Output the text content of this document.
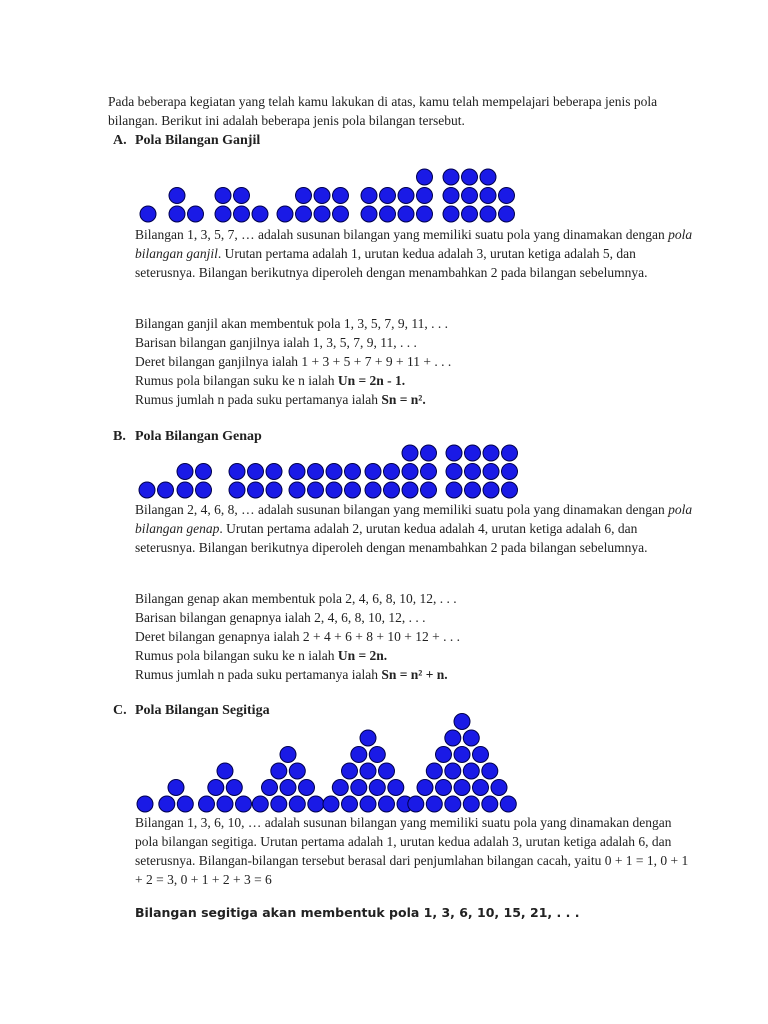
Pada beberapa kegiatan yang telah kamu lakukan di atas, kamu telah mempelajari beberapa jenis pola bilangan. Berikut ini adalah beberapa jenis pola bilangan tersebut.
A. Pola Bilangan Ganjil
Bilangan 1, 3, 5, 7, … adalah susunan bilangan yang memiliki suatu pola yang dinamakan dengan pola bilangan ganjil. Urutan pertama adalah 1, urutan kedua adalah 3, urutan ketiga adalah 5, dan seterusnya. Bilangan berikutnya diperoleh dengan menambahkan 2 pada bilangan sebelumnya.
Bilangan ganjil akan membentuk pola 1, 3, 5, 7, 9, 11, . . .
Barisan bilangan ganjilnya ialah 1, 3, 5, 7, 9, 11, . . .
Deret bilangan ganjilnya ialah 1 + 3 + 5 + 7 + 9 + 11 + . . .
Rumus pola bilangan suku ke n ialah Un = 2n - 1.
Rumus jumlah n pada suku pertamanya ialah Sn = n².
B. Pola Bilangan Genap
Bilangan 2, 4, 6, 8, … adalah susunan bilangan yang memiliki suatu pola yang dinamakan dengan pola bilangan genap. Urutan pertama adalah 2, urutan kedua adalah 4, urutan ketiga adalah 6, dan seterusnya. Bilangan berikutnya diperoleh dengan menambahkan 2 pada bilangan sebelumnya.
Bilangan genap akan membentuk pola 2, 4, 6, 8, 10, 12, . . .
Barisan bilangan genapnya ialah 2, 4, 6, 8, 10, 12, . . .
Deret bilangan genapnya ialah 2 + 4 + 6 + 8 + 10 + 12 + . . .
Rumus pola bilangan suku ke n ialah Un = 2n.
Rumus jumlah n pada suku pertamanya ialah Sn = n² + n.
C. Pola Bilangan Segitiga
Bilangan 1, 3, 6, 10, … adalah susunan bilangan yang memiliki suatu pola yang dinamakan dengan pola bilangan segitiga. Urutan pertama adalah 1, urutan kedua adalah 3, urutan ketiga adalah 6, dan seterusnya. Bilangan-bilangan tersebut berasal dari penjumlahan bilangan cacah, yaitu 0 + 1 = 1, 0 + 1 + 2 = 3, 0 + 1 + 2 + 3 = 6
Bilangan segitiga akan membentuk pola 1, 3, 6, 10, 15, 21, . . .
